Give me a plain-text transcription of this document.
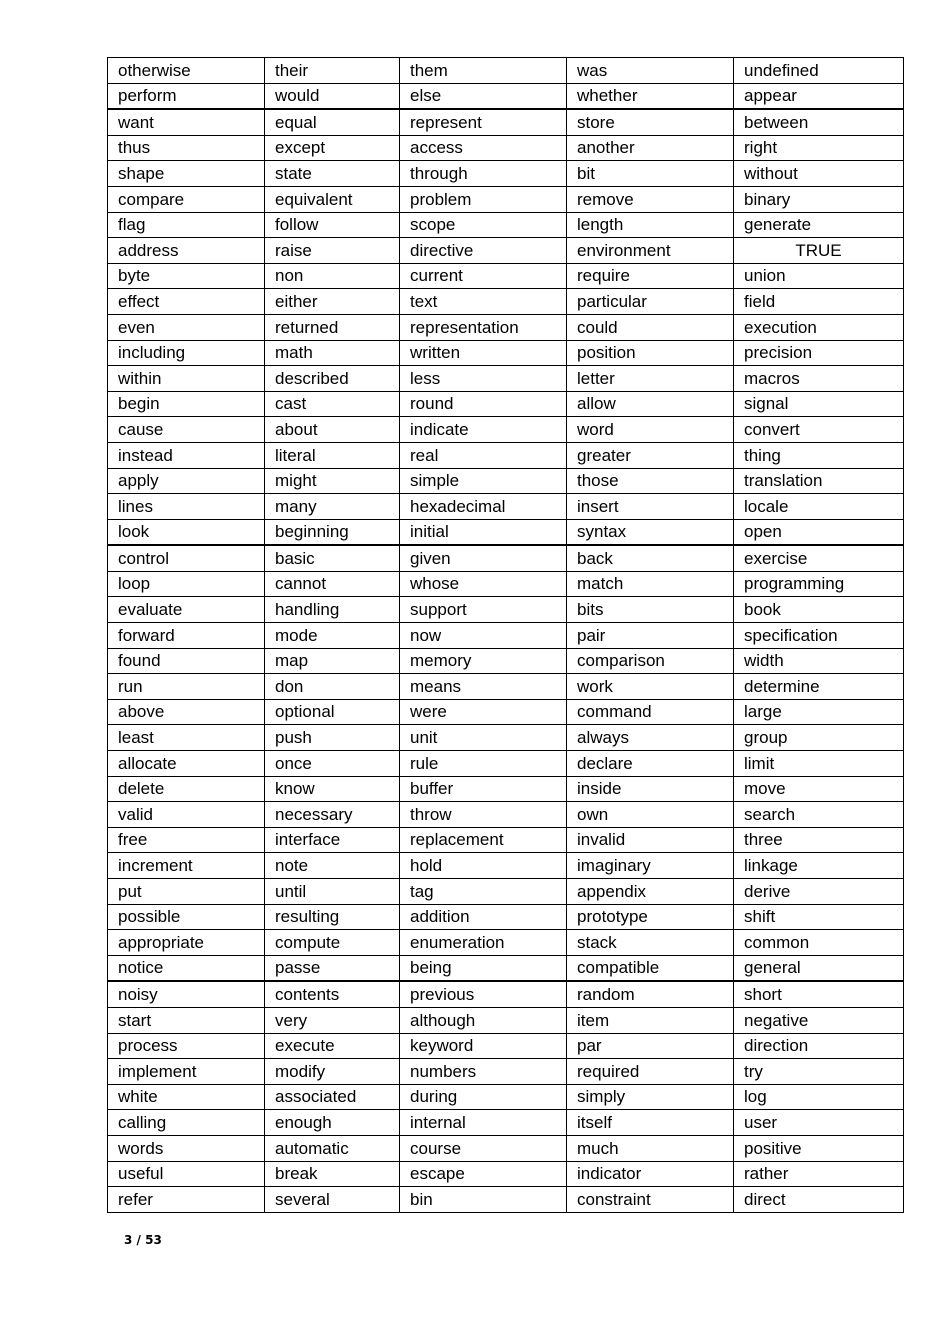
otherwise	their	them	was	undefined
perform	would	else	whether	appear
want	equal	represent	store	between
thus	except	access	another	right
shape	state	through	bit	without
compare	equivalent	problem	remove	binary
flag	follow	scope	length	generate
address	raise	directive	environment	TRUE
byte	non	current	require	union
effect	either	text	particular	field
even	returned	representation	could	execution
including	math	written	position	precision
within	described	less	letter	macros
begin	cast	round	allow	signal
cause	about	indicate	word	convert
instead	literal	real	greater	thing
apply	might	simple	those	translation
lines	many	hexadecimal	insert	locale
look	beginning	initial	syntax	open
control	basic	given	back	exercise
loop	cannot	whose	match	programming
evaluate	handling	support	bits	book
forward	mode	now	pair	specification
found	map	memory	comparison	width
run	don	means	work	determine
above	optional	were	command	large
least	push	unit	always	group
allocate	once	rule	declare	limit
delete	know	buffer	inside	move
valid	necessary	throw	own	search
free	interface	replacement	invalid	three
increment	note	hold	imaginary	linkage
put	until	tag	appendix	derive
possible	resulting	addition	prototype	shift
appropriate	compute	enumeration	stack	common
notice	passe	being	compatible	general
noisy	contents	previous	random	short
start	very	although	item	negative
process	execute	keyword	par	direction
implement	modify	numbers	required	try
white	associated	during	simply	log
calling	enough	internal	itself	user
words	automatic	course	much	positive
useful	break	escape	indicator	rather
refer	several	bin	constraint	direct
3 / 53
